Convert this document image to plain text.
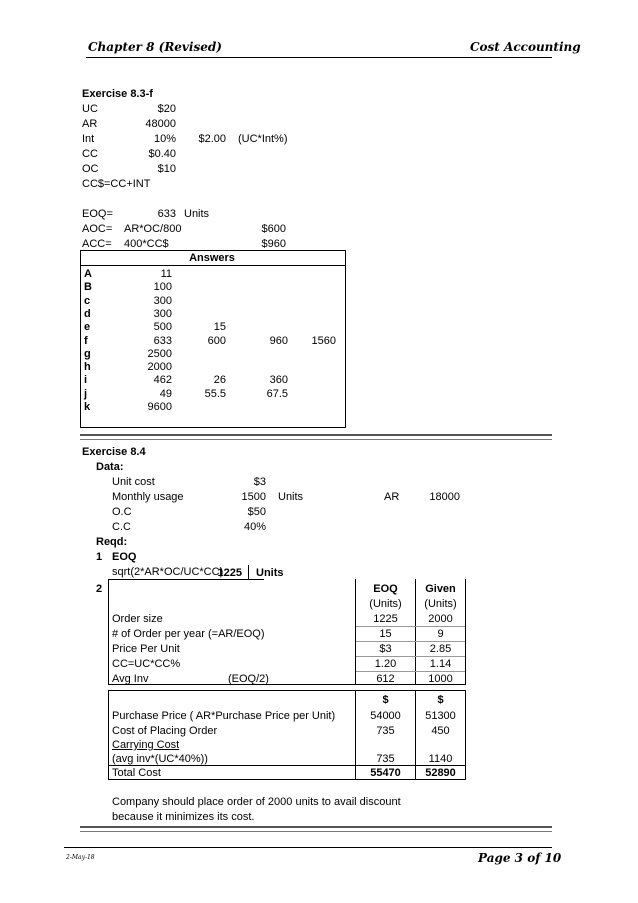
Chapter 8 (Revised)	Cost Accounting
Exercise 8.3-f
UC	$20
AR	48000
Int	10%	$2.00 (UC*Int%)
CC	$0.40
OC	$10
CC$=CC+INT
EOQ=	633 Units
AOC= AR*OC/800	$600
ACC= 400*CC$	$960
Answers
A	11
B	100
c	300
d	300
e	500	15
f	633	600	960	1560
g	2500
h	2000
i	462	26	360
j	49	55.5	67.5
k	9600
Exercise 8.4
Data:
Unit cost	$3
Monthly usage	1500 Units	AR	18000
O.C	$50
C.C	40%
Reqd:
1 EOQ
sqrt(2*AR*OC/UC*CC)
1225 Units
2	EOQ	Given
(Units)	(Units)
Order size	1225	2000
# of Order per year (=AR/EOQ)	15	9
Price Per Unit	$3	2.85
CC=UC*CC%	1.20	1.14
Avg Inv	(EOQ/2)	612	1000
$	$
Purchase Price ( AR*Purchase Price per Unit)	54000	51300
Cost of Placing Order	735	450
Carrying Cost
(avg inv*(UC*40%))	735	1140
Total Cost	55470	52890
Company should place order of 2000 units to avail discount
because it minimizes its cost.
2-May-18	Page 3 of 10
